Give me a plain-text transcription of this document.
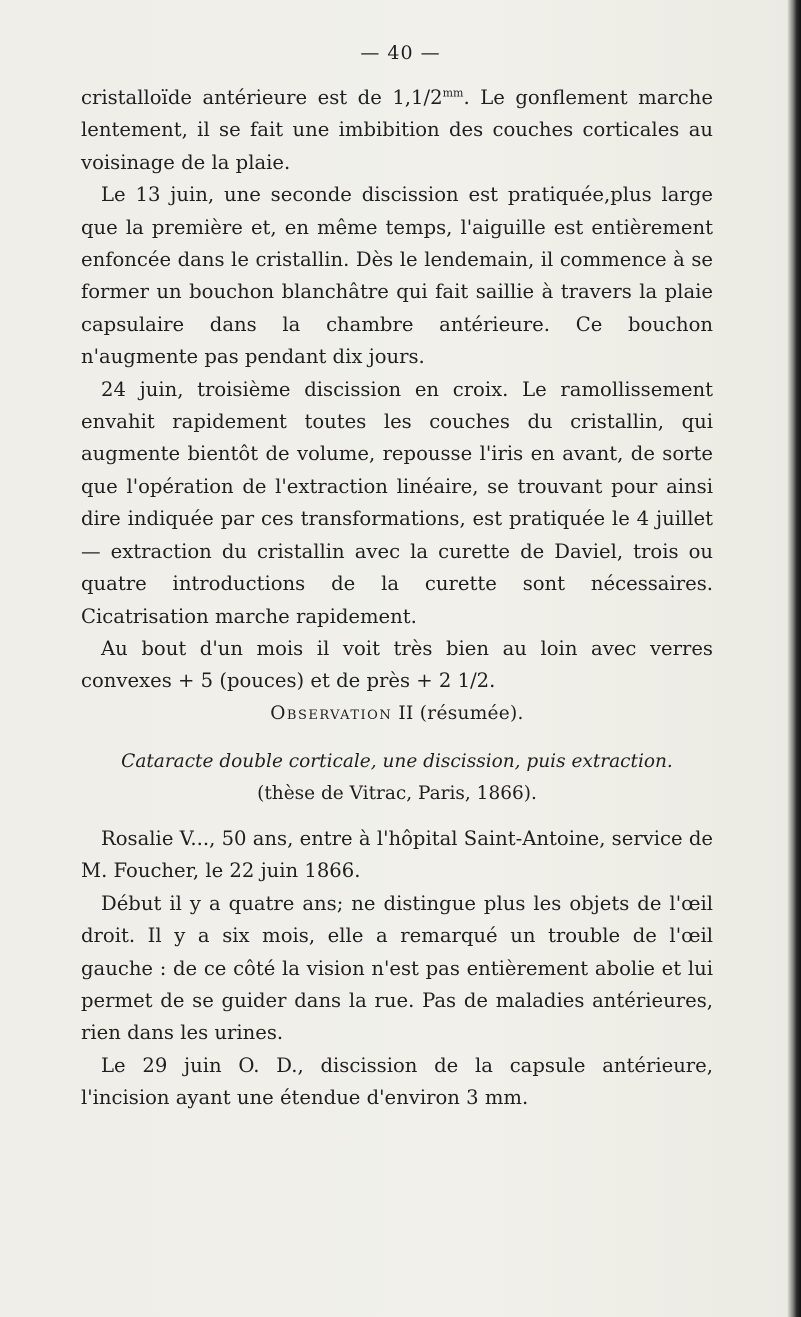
— 40 —

cristalloïde antérieure est de $1,1/2^{mm}$. Le gonflement marche lentement, il se fait une imbibition des couches corticales au voisinage de la plaie.

Le 13 juin, une seconde discission est pratiquée,plus large que la première et, en même temps, l'aiguille est entièrement enfoncée dans le cristallin. Dès le lendemain, il commence à se former un bouchon blanchâtre qui fait saillie à travers la plaie capsulaire dans la chambre antérieure. Ce bouchon n'augmente pas pendant dix jours.

24 juin, troisième discission en croix. Le ramollissement envahit rapidement toutes les couches du cristallin, qui augmente bientôt de volume, repousse l'iris en avant, de sorte que l'opération de l'extraction linéaire, se trouvant pour ainsi dire indiquée par ces transformations, est pratiquée le 4 juillet — extraction du cristallin avec la curette de Daviel, trois ou quatre introductions de la curette sont nécessaires. Cicatrisation marche rapidement.

Au bout d'un mois il voit très bien au loin avec verres convexes + 5 (pouces) et de près + 2 1/2.

Observation II (résumée).
Cataracte double corticale, une discission, puis extraction.
(thèse de Vitrac, Paris, 1866).

Rosalie V..., 50 ans, entre à l'hôpital Saint-Antoine, service de M. Foucher, le 22 juin 1866.

Début il y a quatre ans; ne distingue plus les objets de l'œil droit. Il y a six mois, elle a remarqué un trouble de l'œil gauche : de ce côté la vision n'est pas entièrement abolie et lui permet de se guider dans la rue. Pas de maladies antérieures, rien dans les urines.

Le 29 juin O. D., discission de la capsule antérieure, l'incision ayant une étendue d'environ 3 mm.
